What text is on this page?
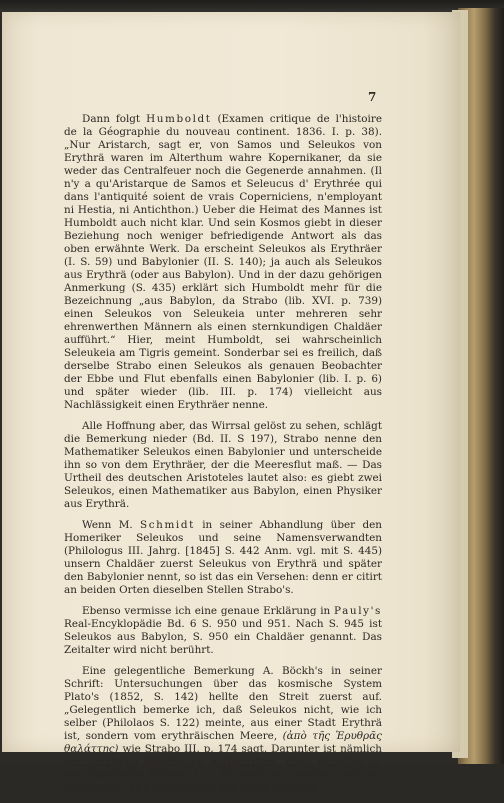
7

Dann folgt Humboldt (Examen critique de l'histoire de la Géographie du nouveau continent. 1836. I. p. 38). „Nur Aristarch, sagt er, von Samos und Seleukos von Erythrä waren im Alterthum wahre Kopernikaner, da sie weder das Centralfeuer noch die Gegenerde annahmen. (Il n'y a qu'Aristarque de Samos et Seleucus d' Erythrée qui dans l'antiquité soient de vrais Coperniciens, n'employant ni Hestia, ni Antichthon.) Ueber die Heimat des Mannes ist Humboldt auch nicht klar. Und sein Kosmos giebt in dieser Beziehung noch weniger befriedigende Antwort als das oben erwähnte Werk. Da erscheint Seleukos als Erythräer (I. S. 59) und Babylonier (II. S. 140); ja auch als Seleukos aus Erythrä (oder aus Babylon). Und in der dazu gehörigen Anmerkung (S. 435) erklärt sich Humboldt mehr für die Bezeichnung „aus Babylon, da Strabo (lib. XVI. p. 739) einen Seleukos von Seleukeia unter mehreren sehr ehrenwerthen Männern als einen sternkundigen Chaldäer aufführt.“ Hier, meint Humboldt, sei wahrscheinlich Seleukeia am Tigris gemeint. Sonderbar sei es freilich, daß derselbe Strabo einen Seleukos als genauen Beobachter der Ebbe und Flut ebenfalls einen Babylonier (lib. I. p. 6) und später wieder (lib. III. p. 174) vielleicht aus Nachlässigkeit einen Erythräer nenne.

Alle Hoffnung aber, das Wirrsal gelöst zu sehen, schlägt die Bemerkung nieder (Bd. II. S 197), Strabo nenne den Mathematiker Seleukos einen Babylonier und unterscheide ihn so von dem Erythräer, der die Meeresflut maß. — Das Urtheil des deutschen Aristoteles lautet also: es giebt zwei Seleukos, einen Mathematiker aus Babylon, einen Physiker aus Erythrä.

Wenn M. Schmidt in seiner Abhandlung über den Homeriker Seleukos und seine Namensverwandten (Philologus III. Jahrg. [1845] S. 442 Anm. vgl. mit S. 445) unsern Chaldäer zuerst Seleukus von Erythrä und später den Babylonier nennt, so ist das ein Versehen: denn er citirt an beiden Orten dieselben Stellen Strabo's.

Ebenso vermisse ich eine genaue Erklärung in Pauly's Real-Encyklopädie Bd. 6 S. 950 und 951. Nach S. 945 ist Seleukos aus Babylon, S. 950 ein Chaldäer genannt. Das Zeitalter wird nicht berührt.

Eine gelegentliche Bemerkung A. Böckh's in seiner Schrift: Untersuchungen über das kosmische System Plato's (1852, S. 142) hellte den Streit zuerst auf. „Gelegentlich bemerke ich, daß Seleukos nicht, wie ich selber (Philolaos S. 122) meinte, aus einer Stadt Erythrä ist, sondern vom erythräischen Meere, (ἀπὸ τῆς Ἐρυθρᾶς θαλάττης) wie Strabo III. p. 174 sagt. Darunter ist nämlich der persische Meerbusen mitbegriffen. Eben derselbe ist der Babylonier (Strabo I. p. 6) nach der Provinz, und der Seleukeier (XVI. p.739) nach der Stadt benannt.“ —
